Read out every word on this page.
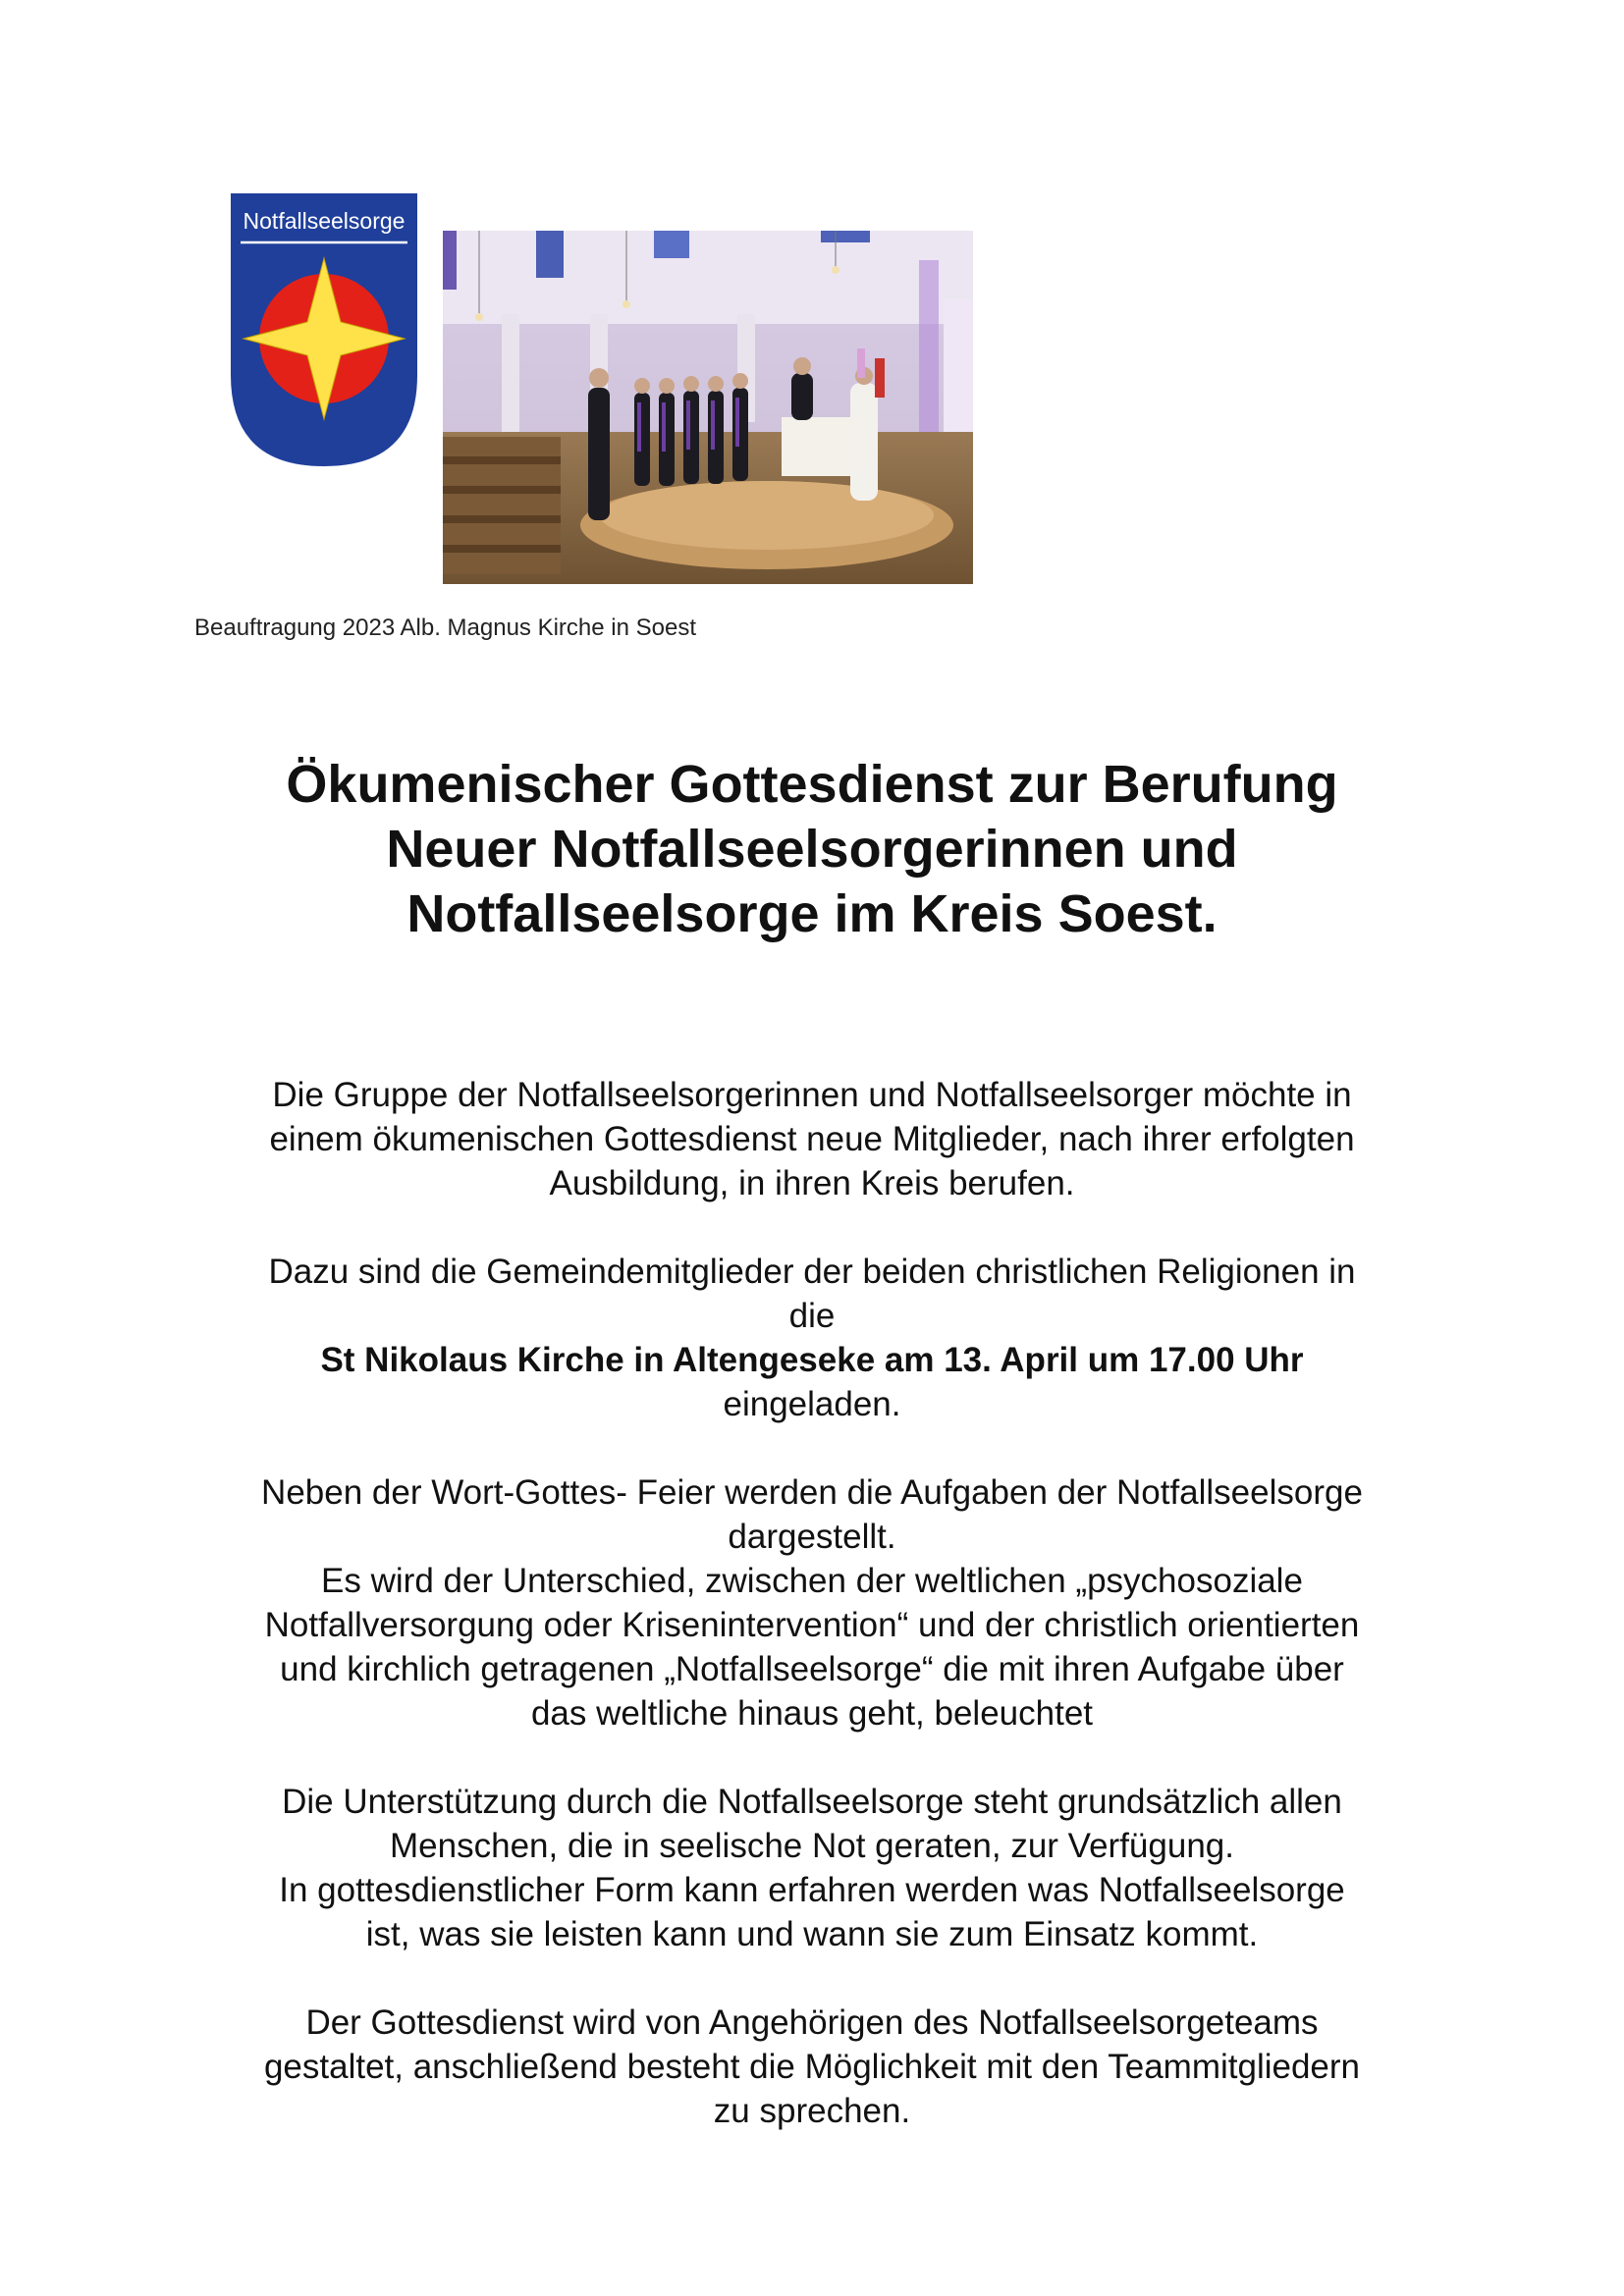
Notfallseelsorge
Beauftragung 2023 Alb. Magnus Kirche in Soest
Ökumenischer Gottesdienst zur Berufung
Neuer Notfallseelsorgerinnen und
Notfallseelsorge im Kreis Soest.

Die Gruppe der Notfallseelsorgerinnen und Notfallseelsorger möchte in
einem ökumenischen Gottesdienst neue Mitglieder, nach ihrer erfolgten
Ausbildung, in ihren Kreis berufen.

Dazu sind die Gemeindemitglieder der beiden christlichen Religionen in
die
St Nikolaus Kirche in Altengeseke am 13. April um 17.00 Uhr
eingeladen.

Neben der Wort-Gottes- Feier werden die Aufgaben der Notfallseelsorge
dargestellt.
Es wird der Unterschied, zwischen der weltlichen „psychosoziale
Notfallversorgung oder Krisenintervention“ und der christlich orientierten
und kirchlich getragenen „Notfallseelsorge“ die mit ihren Aufgabe über
das weltliche hinaus geht, beleuchtet

Die Unterstützung durch die Notfallseelsorge steht grundsätzlich allen
Menschen, die in seelische Not geraten, zur Verfügung.
In gottesdienstlicher Form kann erfahren werden was Notfallseelsorge
ist, was sie leisten kann und wann sie zum Einsatz kommt.

Der Gottesdienst wird von Angehörigen des Notfallseelsorgeteams
gestaltet, anschließend besteht die Möglichkeit mit den Teammitgliedern
zu sprechen.
